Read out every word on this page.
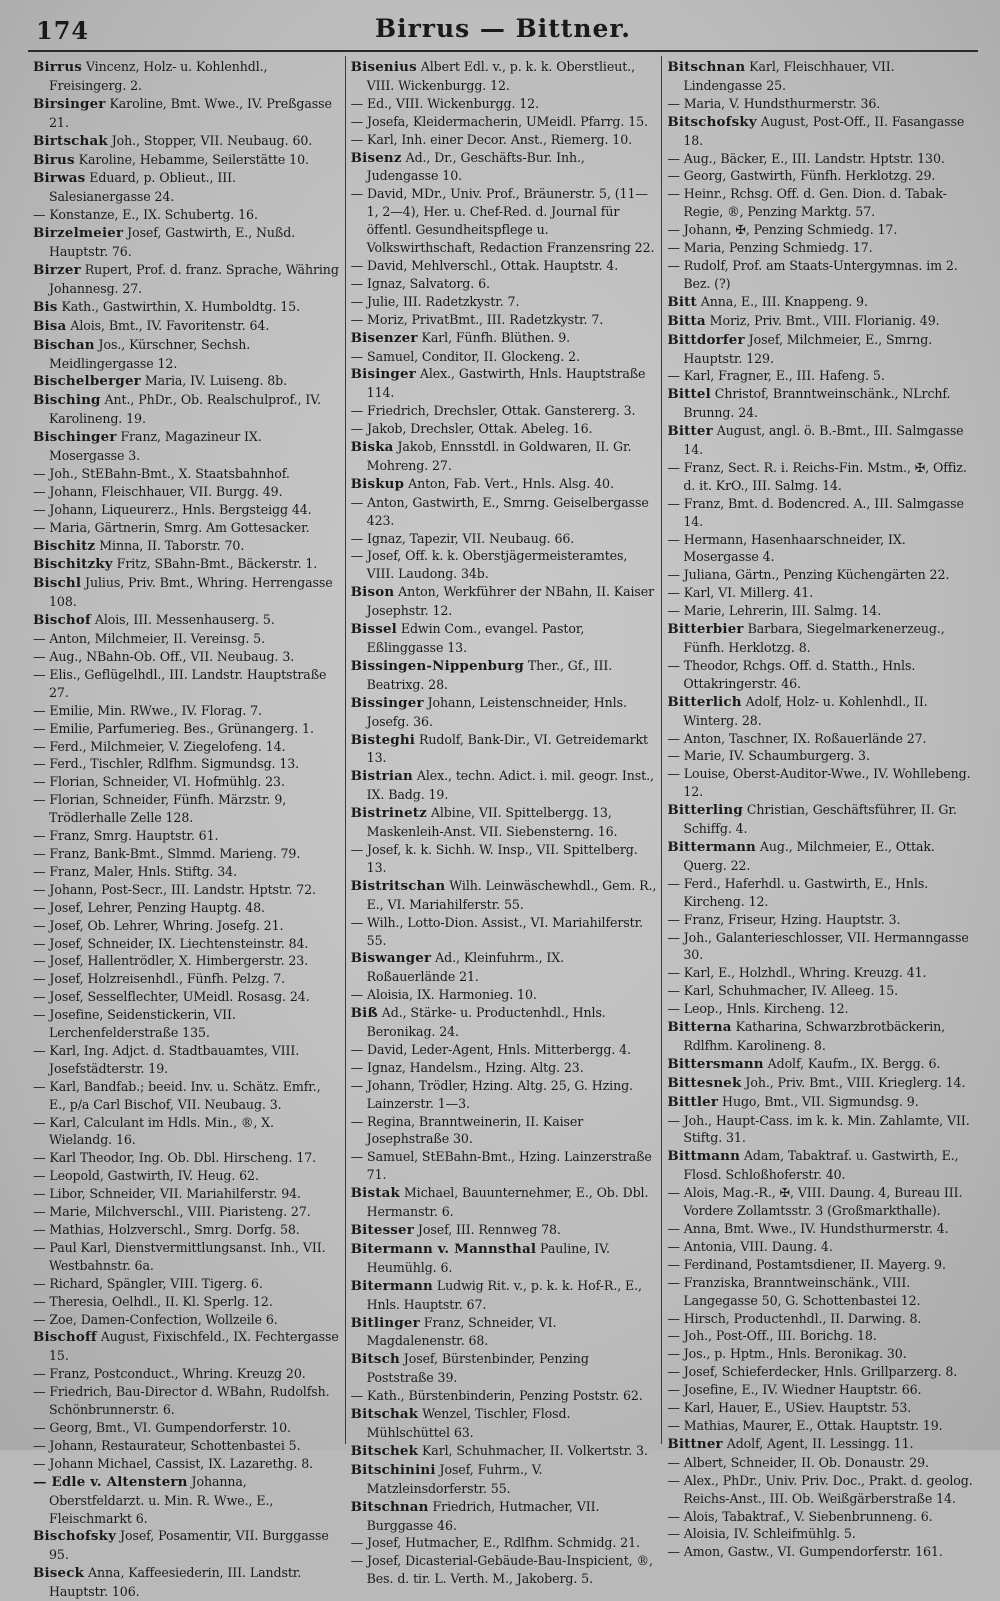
174	Birrus — Bittner.
Birrus Vincenz, Holz- u. Kohlenhdl., Freisingerg. 2.
Birsinger Karoline, Bmt. Wwe., IV. Preßgasse 21.
Birtschak Joh., Stopper, VII. Neubaug. 60.
Birus Karoline, Hebamme, Seilerstätte 10.
Birwas Eduard, p. Oblieut., III. Salesianergasse 24.
— Konstanze, E., IX. Schubertg. 16.
Birzelmeier Josef, Gastwirth, E., Nußd. Hauptstr. 76.
Birzer Rupert, Prof. d. franz. Sprache, Währing Johannesg. 27.
Bis Kath., Gastwirthin, X. Humboldtg. 15.
Bisa Alois, Bmt., IV. Favoritenstr. 64.
Bischan Jos., Kürschner, Sechsh. Meidlingergasse 12.
Bischelberger Maria, IV. Luiseng. 8b.
Bisching Ant., PhDr., Ob. Realschulprof., IV. Karolineng. 19.
Bischinger Franz, Magazineur IX. Mosergasse 3.
— Joh., StEBahn-Bmt., X. Staatsbahnhof.
— Johann, Fleischhauer, VII. Burgg. 49.
— Johann, Liqueurerz., Hnls. Bergsteigg 44.
— Maria, Gärtnerin, Smrg. Am Gottesacker.
Bischitz Minna, II. Taborstr. 70.
Bischitzky Fritz, SBahn-Bmt., Bäckerstr. 1.
Bischl Julius, Priv. Bmt., Whring. Herrengasse 108.
Bischof Alois, III. Messenhauserg. 5.
— Anton, Milchmeier, II. Vereinsg. 5.
— Aug., NBahn-Ob. Off., VII. Neubaug. 3.
— Elis., Geflügelhdl., III. Landstr. Hauptstraße 27.
— Emilie, Min. RWwe., IV. Florag. 7.
— Emilie, Parfumerieg. Bes., Grünangerg. 1.
— Ferd., Milchmeier, V. Ziegelofeng. 14.
— Ferd., Tischler, Rdlfhm. Sigmundsg. 13.
— Florian, Schneider, VI. Hofmühlg. 23.
— Florian, Schneider, Fünfh. Märzstr. 9, Trödlerhalle Zelle 128.
— Franz, Smrg. Hauptstr. 61.
— Franz, Bank-Bmt., Slmmd. Marieng. 79.
— Franz, Maler, Hnls. Stiftg. 34.
— Johann, Post-Secr., III. Landstr. Hptstr. 72.
— Josef, Lehrer, Penzing Hauptg. 48.
— Josef, Ob. Lehrer, Whring. Josefg. 21.
— Josef, Schneider, IX. Liechtensteinstr. 84.
— Josef, Hallentrödler, X. Himbergerstr. 23.
— Josef, Holzreisenhdl., Fünfh. Pelzg. 7.
— Josef, Sesselflechter, UMeidl. Rosasg. 24.
— Josefine, Seidenstickerin, VII. Lerchenfelderstraße 135.
— Karl, Ing. Adjct. d. Stadtbauamtes, VIII. Josefstädterstr. 19.
— Karl, Bandfab.; beeid. Inv. u. Schätz. Emfr., E., p/a Carl Bischof, VII. Neubaug. 3.
— Karl, Calculant im Hdls. Min., ®, X. Wielandg. 16.
— Karl Theodor, Ing. Ob. Dbl. Hirscheng. 17.
— Leopold, Gastwirth, IV. Heug. 62.
— Libor, Schneider, VII. Mariahilferstr. 94.
— Marie, Milchverschl., VIII. Piaristeng. 27.
— Mathias, Holzverschl., Smrg. Dorfg. 58.
— Paul Karl, Dienstvermittlungsanst. Inh., VII. Westbahnstr. 6a.
— Richard, Spängler, VIII. Tigerg. 6.
— Theresia, Oelhdl., II. Kl. Sperlg. 12.
— Zoe, Damen-Confection, Wollzeile 6.
Bischoff August, Fixischfeld., IX. Fechtergasse 15.
— Franz, Postconduct., Whring. Kreuzg 20.
— Friedrich, Bau-Director d. WBahn, Rudolfsh. Schönbrunnerstr. 6.
— Georg, Bmt., VI. Gumpendorferstr. 10.
— Johann, Restaurateur, Schottenbastei 5.
— Johann Michael, Cassist, IX. Lazarethg. 8.
— Edle v. Altenstern Johanna, Oberstfeldarzt. u. Min. R. Wwe., E., Fleischmarkt 6.
Bischofsky Josef, Posamentir, VII. Burggasse 95.
Biseck Anna, Kaffeesiederin, III. Landstr. Hauptstr. 106.
Bisenius Albert Edl. v., p. k. k. Oberstlieut., VIII. Wickenburgg. 12.
— Ed., VIII. Wickenburgg. 12.
— Josefa, Kleidermacherin, UMeidl. Pfarrg. 15.
— Karl, Inh. einer Decor. Anst., Riemerg. 10.
Bisenz Ad., Dr., Geschäfts-Bur. Inh., Judengasse 10.
— David, MDr., Univ. Prof., Bräunerstr. 5, (11—1, 2—4), Her. u. Chef-Red. d. Journal für öffentl. Gesundheitspflege u. Volkswirthschaft, Redaction Franzensring 22.
— David, Mehlverschl., Ottak. Hauptstr. 4.
— Ignaz, Salvatorg. 6.
— Julie, III. Radetzkystr. 7.
— Moriz, PrivatBmt., III. Radetzkystr. 7.
Bisenzer Karl, Fünfh. Blüthen. 9.
— Samuel, Conditor, II. Glockeng. 2.
Bisinger Alex., Gastwirth, Hnls. Hauptstraße 114.
— Friedrich, Drechsler, Ottak. Ganstererg. 3.
— Jakob, Drechsler, Ottak. Abeleg. 16.
Biska Jakob, Ennsstdl. in Goldwaren, II. Gr. Mohreng. 27.
Biskup Anton, Fab. Vert., Hnls. Alsg. 40.
— Anton, Gastwirth, E., Smrng. Geiselbergasse 423.
— Ignaz, Tapezir, VII. Neubaug. 66.
— Josef, Off. k. k. Oberstjägermeisteramtes, VIII. Laudong. 34b.
Bison Anton, Werkführer der NBahn, II. Kaiser Josephstr. 12.
Bissel Edwin Com., evangel. Pastor, Eßlinggasse 13.
Bissingen-Nippenburg Ther., Gf., III. Beatrixg. 28.
Bissinger Johann, Leistenschneider, Hnls. Josefg. 36.
Bisteghi Rudolf, Bank-Dir., VI. Getreidemarkt 13.
Bistrian Alex., techn. Adict. i. mil. geogr. Inst., IX. Badg. 19.
Bistrinetz Albine, VII. Spittelbergg. 13, Maskenleih-Anst. VII. Siebensterng. 16.
— Josef, k. k. Sichh. W. Insp., VII. Spittelberg. 13.
Bistritschan Wilh. Leinwäschewhdl., Gem. R., E., VI. Mariahilferstr. 55.
— Wilh., Lotto-Dion. Assist., VI. Mariahilferstr. 55.
Biswanger Ad., Kleinfuhrm., IX. Roßauerlände 21.
— Aloisia, IX. Harmonieg. 10.
Biß Ad., Stärke- u. Productenhdl., Hnls. Beronikag. 24.
— David, Leder-Agent, Hnls. Mitterbergg. 4.
— Ignaz, Handelsm., Hzing. Altg. 23.
— Johann, Trödler, Hzing. Altg. 25, G. Hzing. Lainzerstr. 1—3.
— Regina, Branntweinerin, II. Kaiser Josephstraße 30.
— Samuel, StEBahn-Bmt., Hzing. Lainzerstraße 71.
Bistak Michael, Bauunternehmer, E., Ob. Dbl. Hermanstr. 6.
Bitesser Josef, III. Rennweg 78.
Bitermann v. Mannsthal Pauline, IV. Heumühlg. 6.
Bitermann Ludwig Rit. v., p. k. k. Hof-R., E., Hnls. Hauptstr. 67.
Bitlinger Franz, Schneider, VI. Magdalenenstr. 68.
Bitsch Josef, Bürstenbinder, Penzing Poststraße 39.
— Kath., Bürstenbinderin, Penzing Poststr. 62.
Bitschak Wenzel, Tischler, Flosd. Mühlschüttel 63.
Bitschek Karl, Schuhmacher, II. Volkertstr. 3.
Bitschinini Josef, Fuhrm., V. Matzleinsdorferstr. 55.
Bitschnan Friedrich, Hutmacher, VII. Burggasse 46.
— Josef, Hutmacher, E., Rdlfhm. Schmidg. 21.
— Josef, Dicasterial-Gebäude-Bau-Inspicient, ®, Bes. d. tir. L. Verth. M., Jakoberg. 5.
Bitschnan Karl, Fleischhauer, VII. Lindengasse 25.
— Maria, V. Hundsthurmerstr. 36.
Bitschofsky August, Post-Off., II. Fasangasse 18.
— Aug., Bäcker, E., III. Landstr. Hptstr. 130.
— Georg, Gastwirth, Fünfh. Herklotzg. 29.
— Heinr., Rchsg. Off. d. Gen. Dion. d. Tabak-Regie, ®, Penzing Marktg. 57.
— Johann, ✠, Penzing Schmiedg. 17.
— Maria, Penzing Schmiedg. 17.
— Rudolf, Prof. am Staats-Untergymnas. im 2. Bez. (?)
Bitt Anna, E., III. Knappeng. 9.
Bitta Moriz, Priv. Bmt., VIII. Florianig. 49.
Bittdorfer Josef, Milchmeier, E., Smrng. Hauptstr. 129.
— Karl, Fragner, E., III. Hafeng. 5.
Bittel Christof, Branntweinschänk., NLrchf. Brunng. 24.
Bitter August, angl. ö. B.-Bmt., III. Salmgasse 14.
— Franz, Sect. R. i. Reichs-Fin. Mstm., ✠, Offiz. d. it. KrO., III. Salmg. 14.
— Franz, Bmt. d. Bodencred. A., III. Salmgasse 14.
— Hermann, Hasenhaarschneider, IX. Mosergasse 4.
— Juliana, Gärtn., Penzing Küchengärten 22.
— Karl, VI. Millerg. 41.
— Marie, Lehrerin, III. Salmg. 14.
Bitterbier Barbara, Siegelmarkenerzeug., Fünfh. Herklotzg. 8.
— Theodor, Rchgs. Off. d. Statth., Hnls. Ottakringerstr. 46.
Bitterlich Adolf, Holz- u. Kohlenhdl., II. Winterg. 28.
— Anton, Taschner, IX. Roßauerlände 27.
— Marie, IV. Schaumburgerg. 3.
— Louise, Oberst-Auditor-Wwe., IV. Wohllebeng. 12.
Bitterling Christian, Geschäftsführer, II. Gr. Schiffg. 4.
Bittermann Aug., Milchmeier, E., Ottak. Querg. 22.
— Ferd., Haferhdl. u. Gastwirth, E., Hnls. Kircheng. 12.
— Franz, Friseur, Hzing. Hauptstr. 3.
— Joh., Galanterieschlosser, VII. Hermanngasse 30.
— Karl, E., Holzhdl., Whring. Kreuzg. 41.
— Karl, Schuhmacher, IV. Alleeg. 15.
— Leop., Hnls. Kircheng. 12.
Bitterna Katharina, Schwarzbrotbäckerin, Rdlfhm. Karolineng. 8.
Bittersmann Adolf, Kaufm., IX. Bergg. 6.
Bittesnek Joh., Priv. Bmt., VIII. Krieglerg. 14.
Bittler Hugo, Bmt., VII. Sigmundsg. 9.
— Joh., Haupt-Cass. im k. k. Min. Zahlamte, VII. Stiftg. 31.
Bittmann Adam, Tabaktraf. u. Gastwirth, E., Flosd. Schloßhoferstr. 40.
— Alois, Mag.-R., ✠, VIII. Daung. 4, Bureau III. Vordere Zollamtsstr. 3 (Großmarkthalle).
— Anna, Bmt. Wwe., IV. Hundsthurmerstr. 4.
— Antonia, VIII. Daung. 4.
— Ferdinand, Postamtsdiener, II. Mayerg. 9.
— Franziska, Branntweinschänk., VIII. Langegasse 50, G. Schottenbastei 12.
— Hirsch, Productenhdl., II. Darwing. 8.
— Joh., Post-Off., III. Borichg. 18.
— Jos., p. Hptm., Hnls. Beronikag. 30.
— Josef, Schieferdecker, Hnls. Grillparzerg. 8.
— Josefine, E., IV. Wiedner Hauptstr. 66.
— Karl, Hauer, E., USiev. Hauptstr. 53.
— Mathias, Maurer, E., Ottak. Hauptstr. 19.
Bittner Adolf, Agent, II. Lessingg. 11.
— Albert, Schneider, II. Ob. Donaustr. 29.
— Alex., PhDr., Univ. Priv. Doc., Prakt. d. geolog. Reichs-Anst., III. Ob. Weißgärberstraße 14.
— Alois, Tabaktraf., V. Siebenbrunneng. 6.
— Aloisia, IV. Schleifmühlg. 5.
— Amon, Gastw., VI. Gumpendorferstr. 161.
